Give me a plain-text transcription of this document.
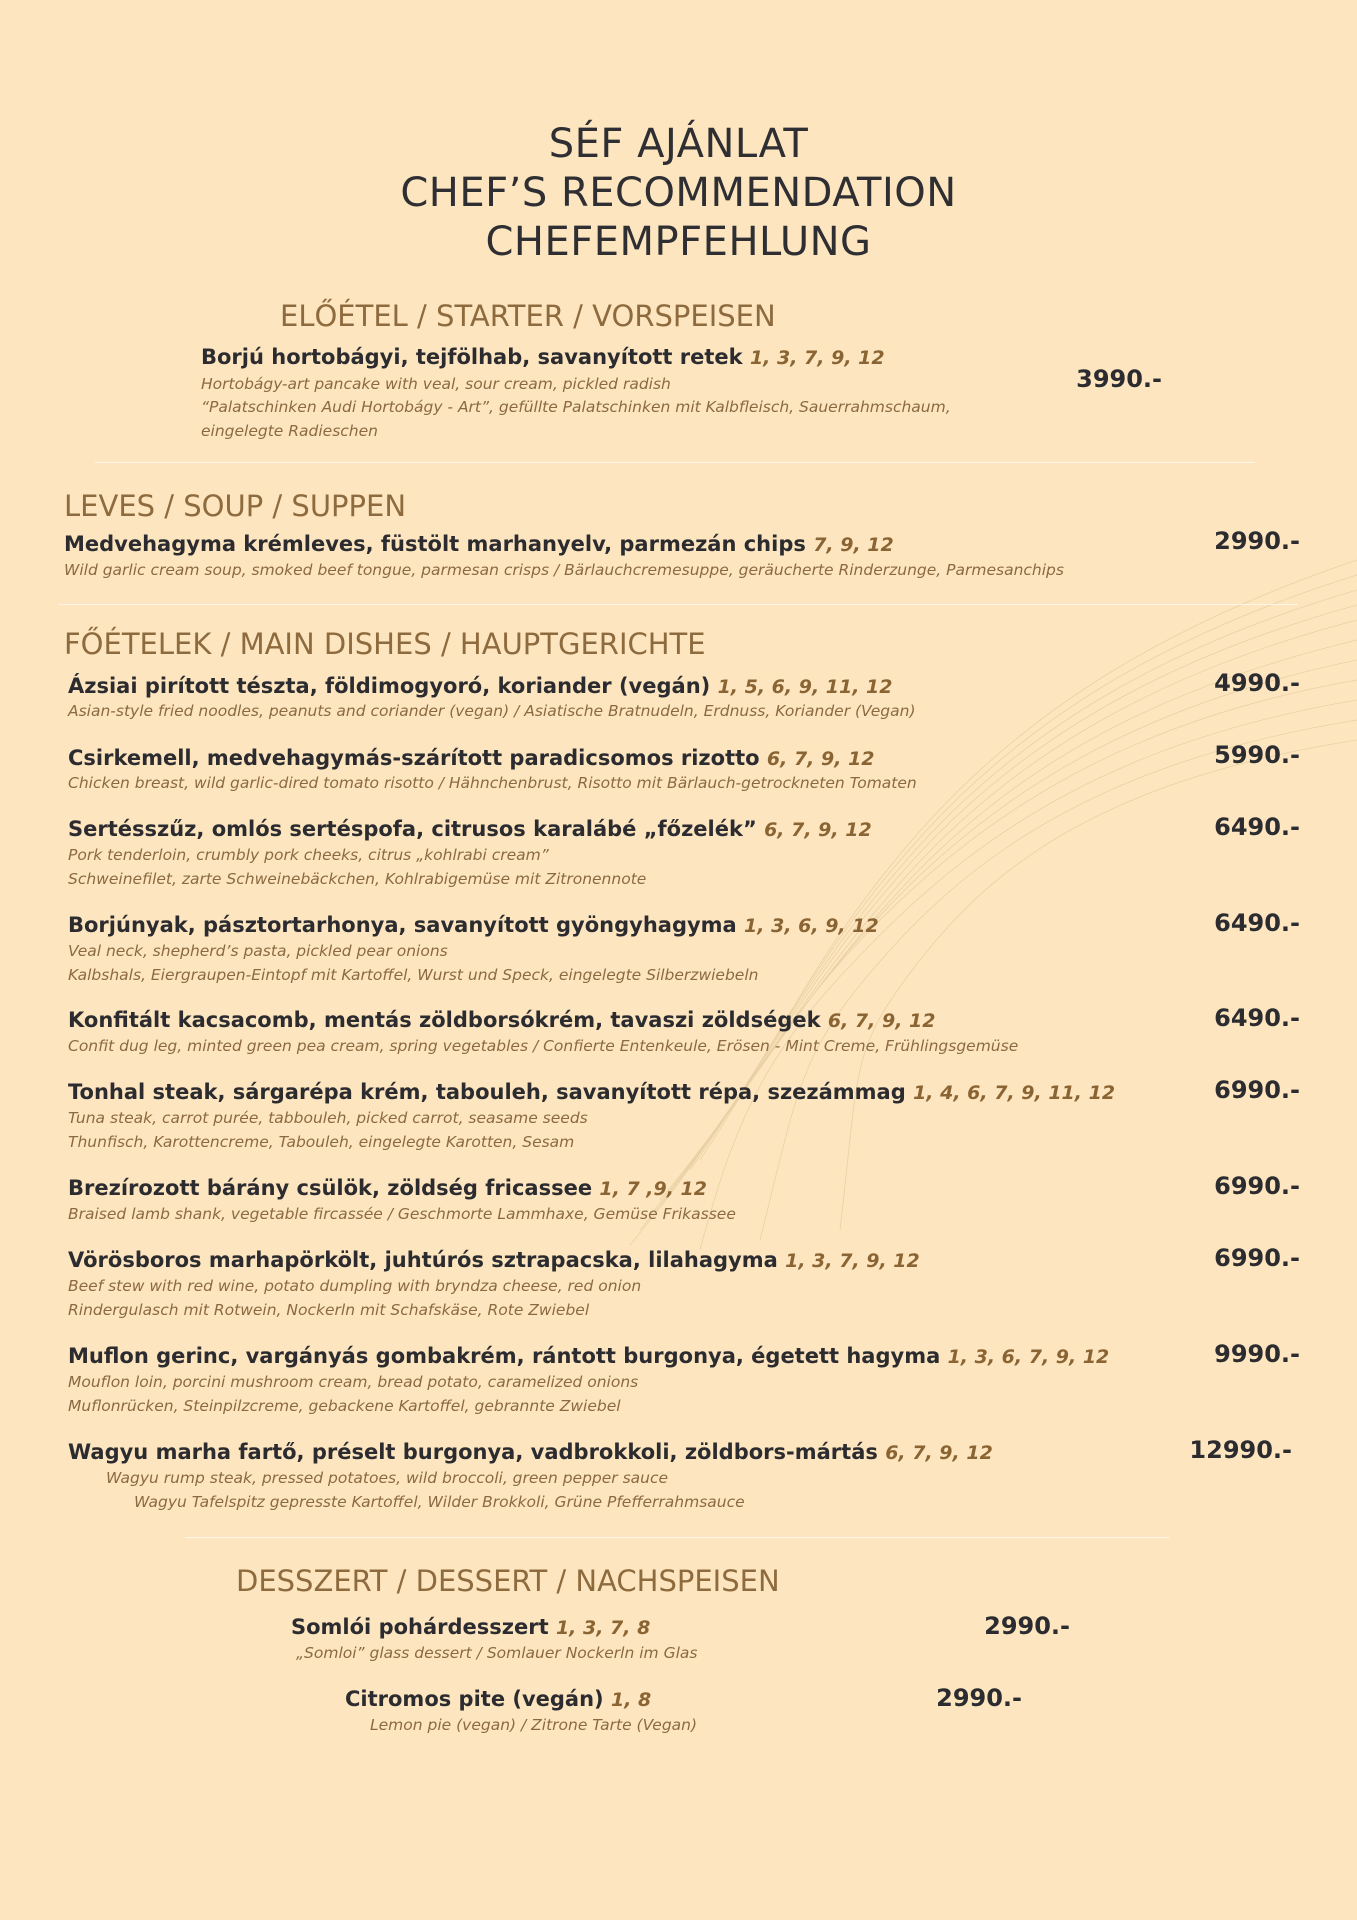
SÉF AJÁNLAT
CHEF’S RECOMMENDATION
CHEFEMPFEHLUNG
ELŐÉTEL / STARTER / VORSPEISEN
Borjú hortobágyi, tejfölhab, savanyított retek 1, 3, 7, 9, 12
Hortobágy-art pancake with veal, sour cream, pickled radish
“Palatschinken Audi Hortobágy - Art”, gefüllte Palatschinken mit Kalbfleisch, Sauerrahmschaum,
eingelegte Radieschen
3990.-
LEVES / SOUP / SUPPEN
Medvehagyma krémleves, füstölt marhanyelv, parmezán chips 7, 9, 12
Wild garlic cream soup, smoked beef tongue, parmesan crisps / Bärlauchcremesuppe, geräucherte Rinderzunge, Parmesanchips
2990.-
FŐÉTELEK / MAIN DISHES / HAUPTGERICHTE
Ázsiai pirított tészta, földimogyoró, koriander (vegán) 1, 5, 6, 9, 11, 12
Asian-style fried noodles, peanuts and coriander (vegan) / Asiatische Bratnudeln, Erdnuss, Koriander (Vegan)
4990.-
Csirkemell, medvehagymás-szárított paradicsomos rizotto 6, 7, 9, 12
Chicken breast, wild garlic-dired tomato risotto / Hähnchenbrust, Risotto mit Bärlauch-getrockneten Tomaten
5990.-
Sertésszűz, omlós sertéspofa, citrusos karalábé „főzelék” 6, 7, 9, 12
Pork tenderloin, crumbly pork cheeks, citrus „kohlrabi cream”
Schweinefilet, zarte Schweinebäckchen, Kohlrabigemüse mit Zitronennote
6490.-
Borjúnyak, pásztortarhonya, savanyított gyöngyhagyma 1, 3, 6, 9, 12
Veal neck, shepherd’s pasta, pickled pear onions
Kalbshals, Eiergraupen-Eintopf mit Kartoffel, Wurst und Speck, eingelegte Silberzwiebeln
6490.-
Konfitált kacsacomb, mentás zöldborsókrém, tavaszi zöldségek 6, 7, 9, 12
Confit dug leg, minted green pea cream, spring vegetables / Confierte Entenkeule, Erösen - Mint Creme, Frühlingsgemüse
6490.-
Tonhal steak, sárgarépa krém, tabouleh, savanyított répa, szezámmag 1, 4, 6, 7, 9, 11, 12
Tuna steak, carrot purée, tabbouleh, picked carrot, seasame seeds
Thunfisch, Karottencreme, Tabouleh, eingelegte Karotten, Sesam
6990.-
Brezírozott bárány csülök, zöldség fricassee 1, 7 ,9, 12
Braised lamb shank, vegetable fircassée / Geschmorte Lammhaxe, Gemüse Frikassee
6990.-
Vörösboros marhapörkölt, juhtúrós sztrapacska, lilahagyma 1, 3, 7, 9, 12
Beef stew with red wine, potato dumpling with bryndza cheese, red onion
Rindergulasch mit Rotwein, Nockerln mit Schafskäse, Rote Zwiebel
6990.-
Muflon gerinc, vargányás gombakrém, rántott burgonya, égetett hagyma 1, 3, 6, 7, 9, 12
Mouflon loin, porcini mushroom cream, bread potato, caramelized onions
Muflonrücken, Steinpilzcreme, gebackene Kartoffel, gebrannte Zwiebel
9990.-
Wagyu marha fartő, préselt burgonya, vadbrokkoli, zöldbors-mártás 6, 7, 9, 12
Wagyu rump steak, pressed potatoes, wild broccoli, green pepper sauce
Wagyu Tafelspitz gepresste Kartoffel, Wilder Brokkoli, Grüne Pfefferrahmsauce
12990.-
DESSZERT / DESSERT / NACHSPEISEN
Somlói pohárdesszert 1, 3, 7, 8
„Somloi” glass dessert / Somlauer Nockerln im Glas
2990.-
Citromos pite (vegán) 1, 8
Lemon pie (vegan) / Zitrone Tarte (Vegan)
2990.-
